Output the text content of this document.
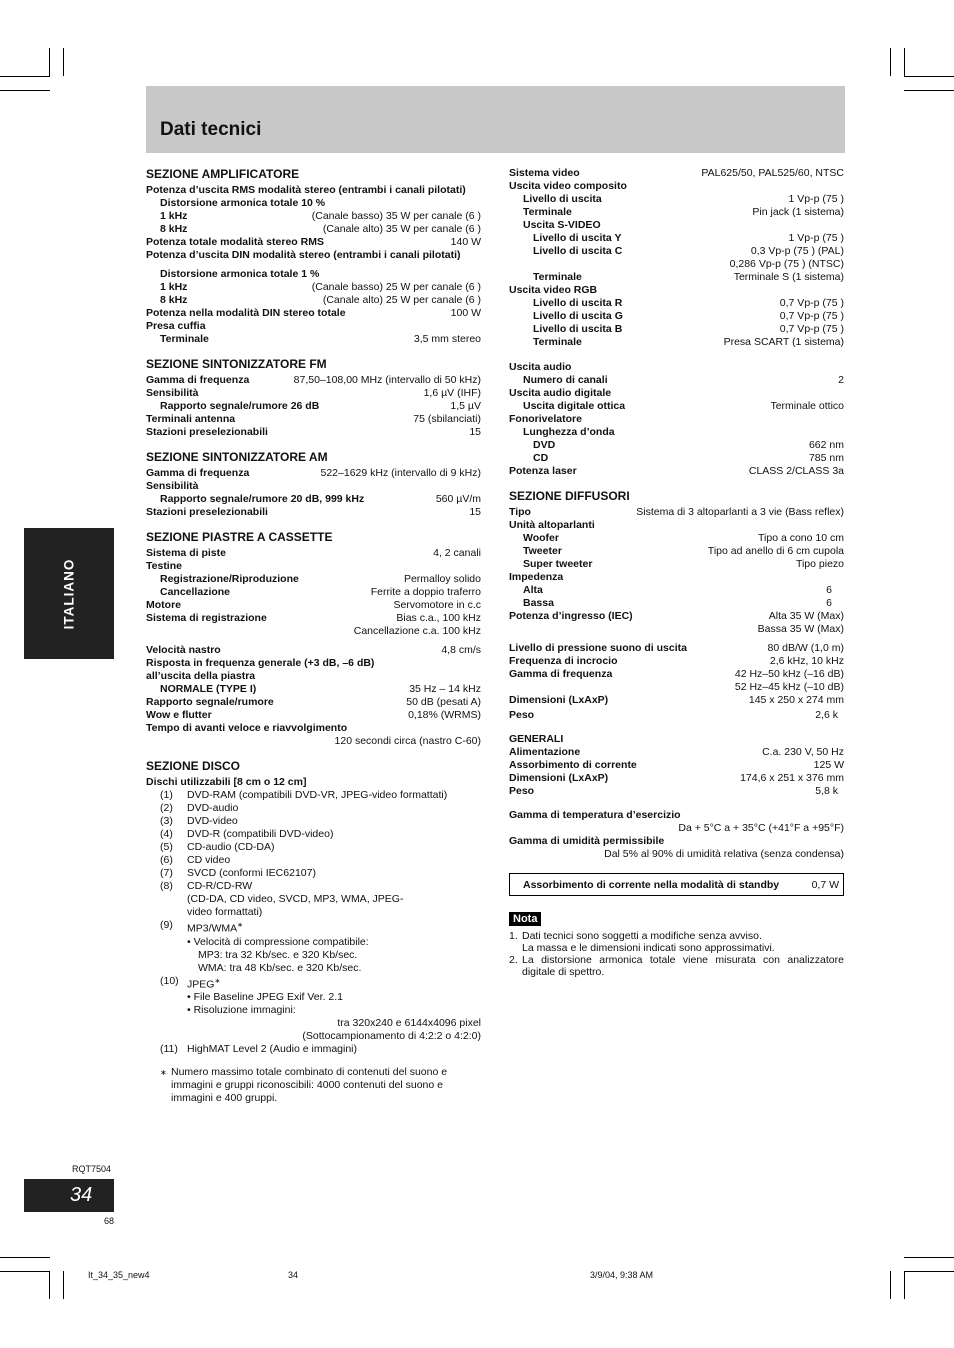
Dati tecnici
ITALIANO
SEZIONE AMPLIFICATORE
Potenza d’uscita RMS modalità stereo (entrambi i canali pilotati)
Distorsione armonica totale 10 %
1 kHz	(Canale basso) 35 W per canale (6 )
8 kHz	(Canale alto) 35 W per canale (6 )
Potenza totale modalità stereo RMS	140 W
Potenza d’uscita DIN modalità stereo (entrambi i canali pilotati)
Distorsione armonica totale 1 %
1 kHz	(Canale basso) 25 W per canale (6 )
8 kHz	(Canale alto) 25 W per canale (6 )
Potenza nella modalità DIN stereo totale	100 W
Presa cuffia
Terminale	3,5 mm stereo
SEZIONE SINTONIZZATORE FM
Gamma di frequenza	87,50–108,00 MHz (intervallo di 50 kHz)
Sensibilità	1,6 µV (IHF)
Rapporto segnale/rumore 26 dB	1,5 µV
Terminali antenna	75 (sbilanciati)
Stazioni preselezionabili	15
SEZIONE SINTONIZZATORE AM
Gamma di frequenza	522–1629 kHz (intervallo di 9 kHz)
Sensibilità
Rapporto segnale/rumore 20 dB, 999 kHz	560 µV/m
Stazioni preselezionabili	15
SEZIONE PIASTRE A CASSETTE
Sistema di piste	4, 2 canali
Testine
Registrazione/Riproduzione	Permalloy solido
Cancellazione	Ferrite a doppio traferro
Motore	Servomotore in c.c
Sistema di registrazione	Bias c.a., 100 kHz
Cancellazione c.a. 100 kHz
Velocità nastro	4,8 cm/s
Risposta in frequenza generale (+3 dB, –6 dB) all’uscita della piastra
NORMALE (TYPE I)	35 Hz – 14 kHz
Rapporto segnale/rumore	50 dB (pesati A)
Wow e flutter	0,18% (WRMS)
Tempo di avanti veloce e riavvolgimento
120 secondi circa (nastro C-60)
SEZIONE DISCO
Dischi utilizzabili [8 cm o 12 cm]
(1)	DVD-RAM (compatibili DVD-VR, JPEG-video formattati)
(2)	DVD-audio
(3)	DVD-video
(4)	DVD-R (compatibili DVD-video)
(5)	CD-audio (CD-DA)
(6)	CD video
(7)	SVCD (conformi IEC62107)
(8)	CD-R/CD-RW
(CD-DA, CD video, SVCD, MP3, WMA, JPEG-
video formattati)
(9)	MP3/WMA∗
• Velocità di compressione compatibile:
MP3: tra 32 Kb/sec. e 320 Kb/sec.
WMA: tra 48 Kb/sec. e 320 Kb/sec.
(10) JPEG∗
• File Baseline JPEG Exif Ver. 2.1
• Risoluzione immagini:
tra 320x240 e 6144x4096 pixel
(Sottocampionamento di 4:2:2 o 4:2:0)
(11) HighMAT Level 2 (Audio e immagini)
∗ Numero massimo totale combinato di contenuti del suono e immagini e gruppi riconoscibili: 4000 contenuti del suono e immagini e 400 gruppi.
Sistema video	PAL625/50, PAL525/60, NTSC
Uscita video composito
Livello di uscita	1 Vp-p (75 )
Terminale	Pin jack (1 sistema)
Uscita S-VIDEO
Livello di uscita Y	1 Vp-p (75 )
Livello di uscita C	0,3 Vp-p (75 ) (PAL)
0,286 Vp-p (75 ) (NTSC)
Terminale	Terminale S (1 sistema)
Uscita video RGB
Livello di uscita R	0,7 Vp-p (75 )
Livello di uscita G	0,7 Vp-p (75 )
Livello di uscita B	0,7 Vp-p (75 )
Terminale	Presa SCART (1 sistema)
Uscita audio
Numero di canali	2
Uscita audio digitale
Uscita digitale ottica	Terminale ottico
Fonorivelatore
Lunghezza d’onda
DVD	662 nm
CD	785 nm
Potenza laser	CLASS 2/CLASS 3a
SEZIONE DIFFUSORI
Tipo	Sistema di 3 altoparlanti a 3 vie (Bass reflex)
Unità altoparlanti
Woofer	Tipo a cono 10 cm
Tweeter	Tipo ad anello di 6 cm cupola
Super tweeter	Tipo piezo
Impedenza
Alta	6
Bassa	6
Potenza d’ingresso (IEC)	Alta 35 W (Max)
Bassa 35 W (Max)
Livello di pressione suono di uscita	80 dB/W (1,0 m)
Frequenza di incrocio	2,6 kHz, 10 kHz
Gamma di frequenza	42 Hz–50 kHz (–16 dB)
52 Hz–45 kHz (–10 dB)
Dimensioni (LxAxP)	145 x 250 x 274 mm
Peso	2,6 k
GENERALI
Alimentazione	C.a. 230 V, 50 Hz
Assorbimento di corrente	125 W
Dimensioni (LxAxP)	174,6 x 251 x 376 mm
Peso	5,8 k
Gamma di temperatura d’esercizio
Da + 5°C a + 35°C (+41°F a +95°F)
Gamma di umidità permissibile
Dal 5% al 90% di umidità relativa (senza condensa)
Assorbimento di corrente nella modalità di standby	0,7 W
Nota
1. Dati tecnici sono soggetti a modifiche senza avviso.
La massa e le dimensioni indicati sono approssimativi.
2. La distorsione armonica totale viene misurata con analizzatore digitale di spettro.
RQT7504
34
68
It_34_35_new4	34	3/9/04, 9:38 AM
